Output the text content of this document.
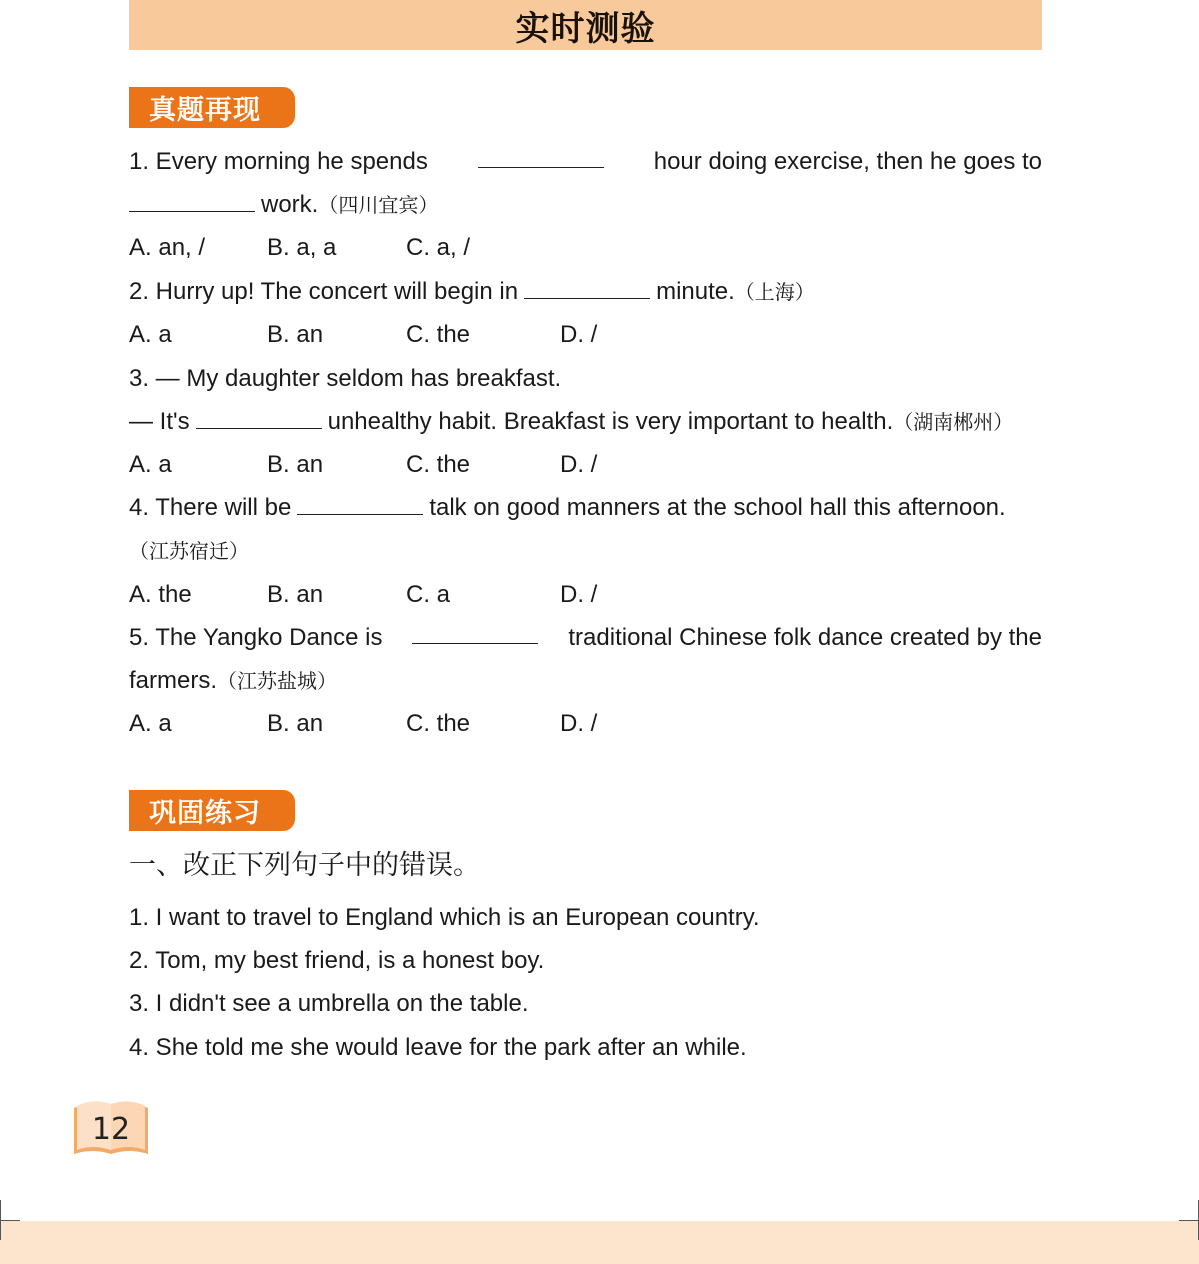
实时测验
真题再现
1. Every morning he spends	hour doing exercise, then he goes to
work.（四川宜宾）
A. an, /	B. a, a	C. a, /
2. Hurry up! The concert will begin in	minute.（上海）
A. a	B. an	C. the	D. /
3. — My daughter seldom has breakfast.
— It's	unhealthy habit. Breakfast is very important to health.（湖南郴州）
A. a	B. an	C. the	D. /
4. There will be	talk on good manners at the school hall this afternoon.
（江苏宿迁）
A. the	B. an	C. a	D. /
5. The Yangko Dance is	traditional Chinese folk dance created by the
farmers.（江苏盐城）
A. a	B. an	C. the	D. /
巩固练习
一、改正下列句子中的错误。
1. I want to travel to England which is an European country.
2. Tom, my best friend, is a honest boy.
3. I didn't see a umbrella on the table.
4. She told me she would leave for the park after an while.
12
